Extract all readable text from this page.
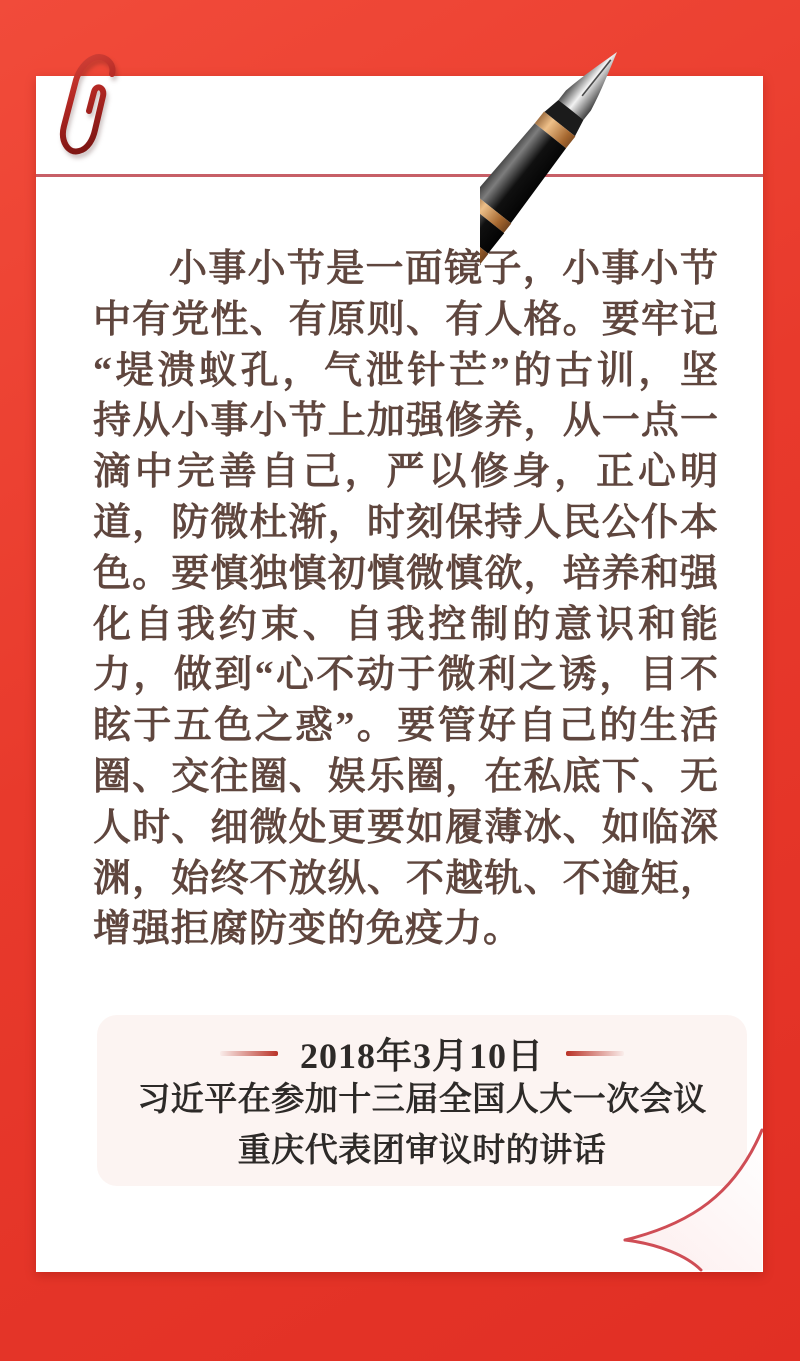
小事小节是一面镜子，小事小节
中有党性、有原则、有人格。要牢记
“堤溃蚁孔，气泄针芒”的古训，坚
持从小事小节上加强修养，从一点一
滴中完善自己，严以修身，正心明
道，防微杜渐，时刻保持人民公仆本
色。要慎独慎初慎微慎欲，培养和强
化自我约束、自我控制的意识和能
力，做到“心不动于微利之诱，目不
眩于五色之惑”。要管好自己的生活
圈、交往圈、娱乐圈，在私底下、无
人时、细微处更要如履薄冰、如临深
渊，始终不放纵、不越轨、不逾矩，
增强拒腐防变的免疫力。
2018年3月10日
习近平在参加十三届全国人大一次会议
重庆代表团审议时的讲话
